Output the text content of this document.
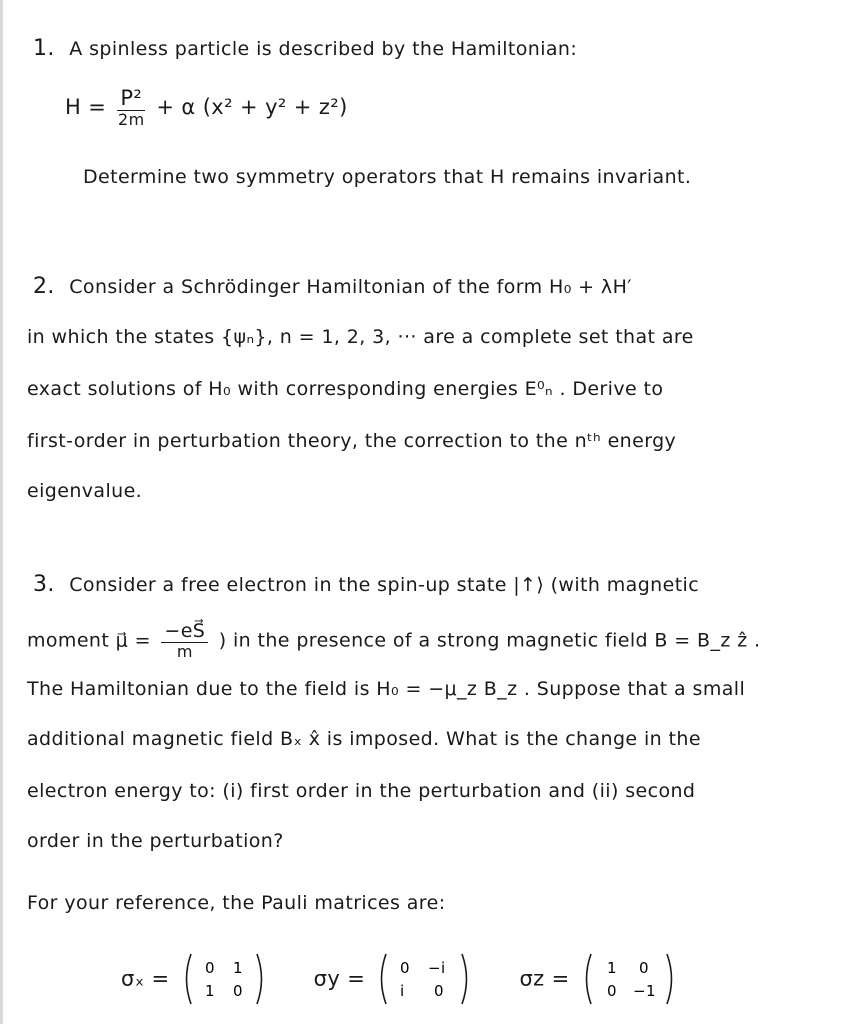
1. A spinless particle is described by the Hamiltonian:
$H = \frac{\text{P²}}{2m} + \alpha$ (x² + y² + z²)
Determine two symmetry operators that H remains invariant.
2. Consider a Schrödinger Hamiltonian of the form H₀ + λH′
in which the states {ψₙ}, n = 1, 2, 3, ··· are a complete set that are
exact solutions of H₀ with corresponding energies E⁰ₙ . Derive to
first-order in perturbation theory, the correction to the nᵗʰ energy
eigenvalue.
3. Consider a free electron in the spin-up state |↑⟩ (with magnetic
moment μ⃗ = $\frac{-eS⃗}{m}$ ) in the presence of a strong magnetic field B = B_z ẑ .
The Hamiltonian due to the field is H₀ = −μ_z B_z . Suppose that a small
additional magnetic field Bₓ x̂ is imposed. What is the change in the
electron energy to: (i) first order in the perturbation and (ii) second
order in the perturbation?
For your reference, the Pauli matrices are:
σₓ = 0 1
1 0
σy = 0 −i
i 0
σz = 1 0
0 −1
